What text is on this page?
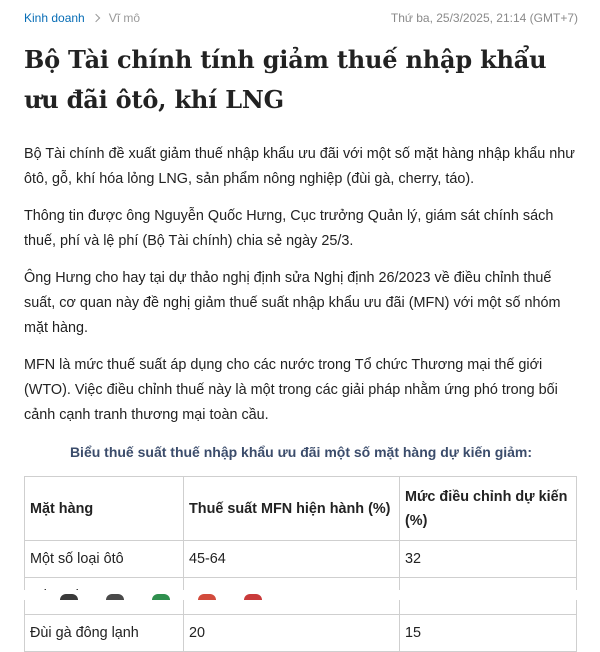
Kinh doanh Vĩ mô	Thứ ba, 25/3/2025, 21:14 (GMT+7)
Bộ Tài chính tính giảm thuế nhập khẩu ưu đãi ôtô, khí LNG

Bộ Tài chính đề xuất giảm thuế nhập khẩu ưu đãi với một số mặt hàng nhập khẩu như ôtô, gỗ, khí hóa lỏng LNG, sản phẩm nông nghiệp (đùi gà, cherry, táo).

Thông tin được ông Nguyễn Quốc Hưng, Cục trưởng Quản lý, giám sát chính sách thuế, phí và lệ phí (Bộ Tài chính) chia sẻ ngày 25/3.

Ông Hưng cho hay tại dự thảo nghị định sửa Nghị định 26/2023 về điều chỉnh thuế suất, cơ quan này đề nghị giảm thuế suất nhập khẩu ưu đãi (MFN) với một số nhóm mặt hàng.

MFN là mức thuế suất áp dụng cho các nước trong Tổ chức Thương mại thế giới (WTO). Việc điều chỉnh thuế này là một trong các giải pháp nhằm ứng phó trong bối cảnh cạnh tranh thương mại toàn cầu.

Biểu thuế suất thuế nhập khẩu ưu đãi một số mặt hàng dự kiến giảm:
Mặt hàng	Thuế suất MFN hiện hành (%)	Mức điều chỉnh dự kiến (%)
Một số loại ôtô	45-64	32

Đùi gà đông lạnh	20	15
